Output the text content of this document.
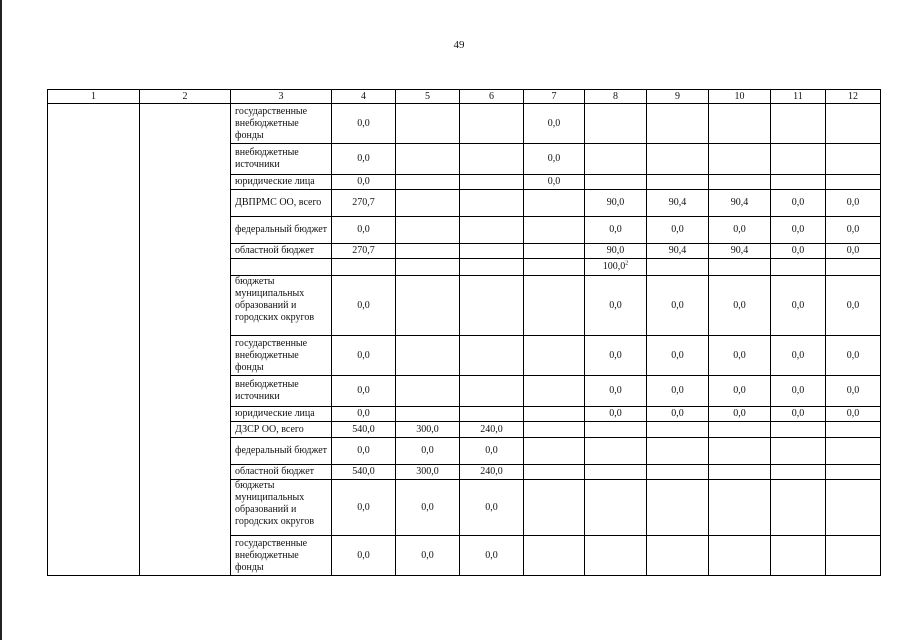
49
1	2	3	4	5	6	7	8	9	10	11	12
		государственные внебюджетные фонды	0,0			0,0					
		внебюджетные источники	0,0			0,0					
		юридические лица	0,0			0,0					
		ДВПРМС ОО, всего	270,7				90,0	90,4	90,4	0,0	0,0
		федеральный бюджет	0,0				0,0	0,0	0,0	0,0	0,0
		областной бюджет	270,7				90,0	90,4	90,4	0,0	0,0
							100,0$^2$				
		бюджеты муниципальных образований и городских округов	0,0				0,0	0,0	0,0	0,0	0,0
		государственные внебюджетные фонды	0,0				0,0	0,0	0,0	0,0	0,0
		внебюджетные источники	0,0				0,0	0,0	0,0	0,0	0,0
		юридические лица	0,0				0,0	0,0	0,0	0,0	0,0
		ДЗСР ОО, всего	540,0	300,0	240,0						
		федеральный бюджет	0,0	0,0	0,0						
		областной бюджет	540,0	300,0	240,0						
		бюджеты муниципальных образований и городских округов	0,0	0,0	0,0						
		государственные внебюджетные фонды	0,0	0,0	0,0						
